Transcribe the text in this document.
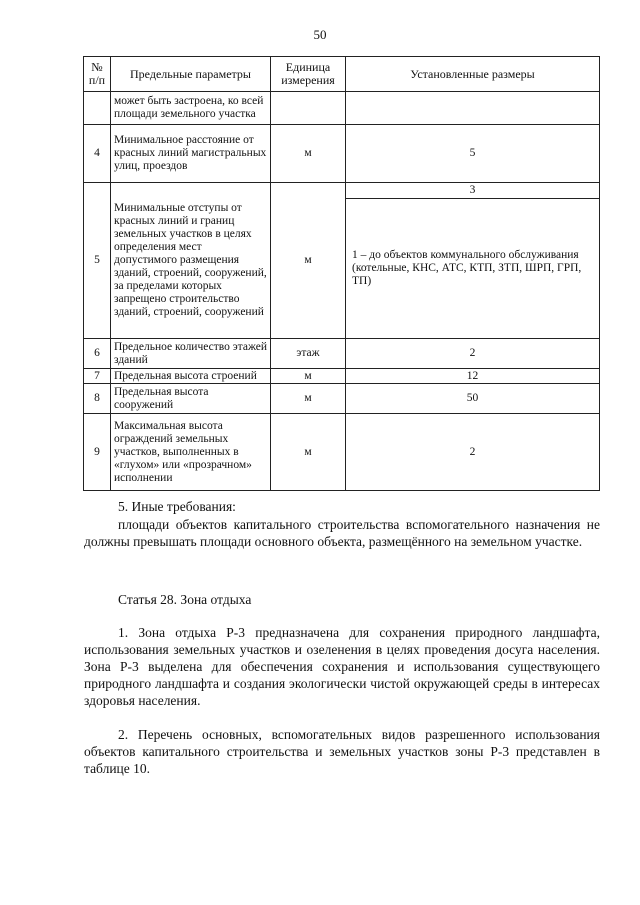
50
№ п/п	Предельные параметры	Единица измерения	Установленные размеры
	может быть застроена, ко всей площади земельного участка		
4	Минимальное расстояние от красных линий магистральных улиц, проездов	м	5
5	Минимальные отступы от красных линий и границ земельных участков в целях определения мест допустимого размещения зданий, строений, сооружений, за пределами которых запрещено строительство зданий, строений, сооружений	м	3
			1 – до объектов коммунального обслуживания (котельные, КНС, АТС, КТП, ЗТП, ШРП, ГРП, ТП)
6	Предельное количество этажей зданий	этаж	2
7	Предельная высота строений	м	12
8	Предельная высота сооружений	м	50
9	Максимальная высота ограждений земельных участков, выполненных в «глухом» или «прозрачном» исполнении	м	2
5. Иные требования:
площади объектов капитального строительства вспомогательного назначения не должны превышать площади основного объекта, размещённого на земельном участке.
Статья 28. Зона отдыха
1. Зона отдыха Р-3 предназначена для сохранения природного ландшафта, использования земельных участков и озеленения в целях проведения досуга населения. Зона Р-3 выделена для обеспечения сохранения и использования существующего природного ландшафта и создания экологически чистой окружающей среды в интересах здоровья населения.
2. Перечень основных, вспомогательных видов разрешенного использования объектов капитального строительства и земельных участков зоны Р-3 представлен в таблице 10.
